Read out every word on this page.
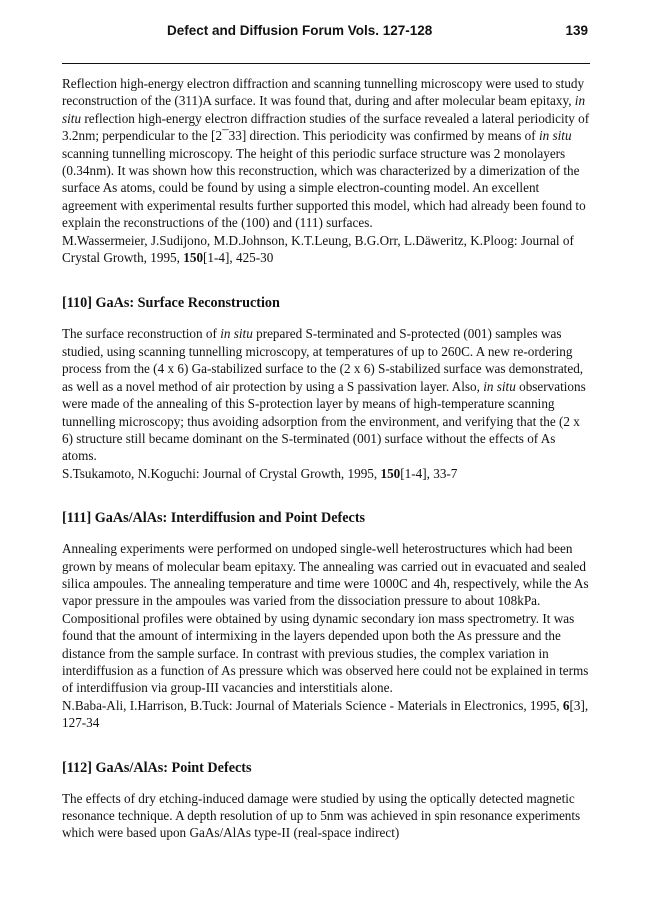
Defect and Diffusion Forum Vols. 127-128	139

Reflection high-energy electron diffraction and scanning tunnelling microscopy were used to study reconstruction of the (311)A surface. It was found that, during and after molecular beam epitaxy, in situ reflection high-energy electron diffraction studies of the surface revealed a lateral periodicity of 3.2nm; perpendicular to the [2¯33] direction. This periodicity was confirmed by means of in situ scanning tunnelling microscopy. The height of this periodic surface structure was 2 monolayers (0.34nm). It was shown how this reconstruction, which was characterized by a dimerization of the surface As atoms, could be found by using a simple electron-counting model. An excellent agreement with experimental results further supported this model, which had already been found to explain the reconstructions of the (100) and (111) surfaces.

M.Wassermeier, J.Sudijono, M.D.Johnson, K.T.Leung, B.G.Orr, L.Däweritz, K.Ploog: Journal of Crystal Growth, 1995, 150[1-4], 425-30

[110] GaAs: Surface Reconstruction

The surface reconstruction of in situ prepared S-terminated and S-protected (001) samples was studied, using scanning tunnelling microscopy, at temperatures of up to 260C. A new re-ordering process from the (4 x 6) Ga-stabilized surface to the (2 x 6) S-stabilized surface was demonstrated, as well as a novel method of air protection by using a S passivation layer. Also, in situ observations were made of the annealing of this S-protection layer by means of high-temperature scanning tunnelling microscopy; thus avoiding adsorption from the environment, and verifying that the (2 x 6) structure still became dominant on the S-terminated (001) surface without the effects of As atoms.

S.Tsukamoto, N.Koguchi: Journal of Crystal Growth, 1995, 150[1-4], 33-7

[111] GaAs/AlAs: Interdiffusion and Point Defects

Annealing experiments were performed on undoped single-well heterostructures which had been grown by means of molecular beam epitaxy. The annealing was carried out in evacuated and sealed silica ampoules. The annealing temperature and time were 1000C and 4h, respectively, while the As vapor pressure in the ampoules was varied from the dissociation pressure to about 108kPa. Compositional profiles were obtained by using dynamic secondary ion mass spectrometry. It was found that the amount of intermixing in the layers depended upon both the As pressure and the distance from the sample surface. In contrast with previous studies, the complex variation in interdiffusion as a function of As pressure which was observed here could not be explained in terms of interdiffusion via group-III vacancies and interstitials alone.

N.Baba-Ali, I.Harrison, B.Tuck: Journal of Materials Science - Materials in Electronics, 1995, 6[3], 127-34

[112] GaAs/AlAs: Point Defects

The effects of dry etching-induced damage were studied by using the optically detected magnetic resonance technique. A depth resolution of up to 5nm was achieved in spin resonance experiments which were based upon GaAs/AlAs type-II (real-space indirect)
